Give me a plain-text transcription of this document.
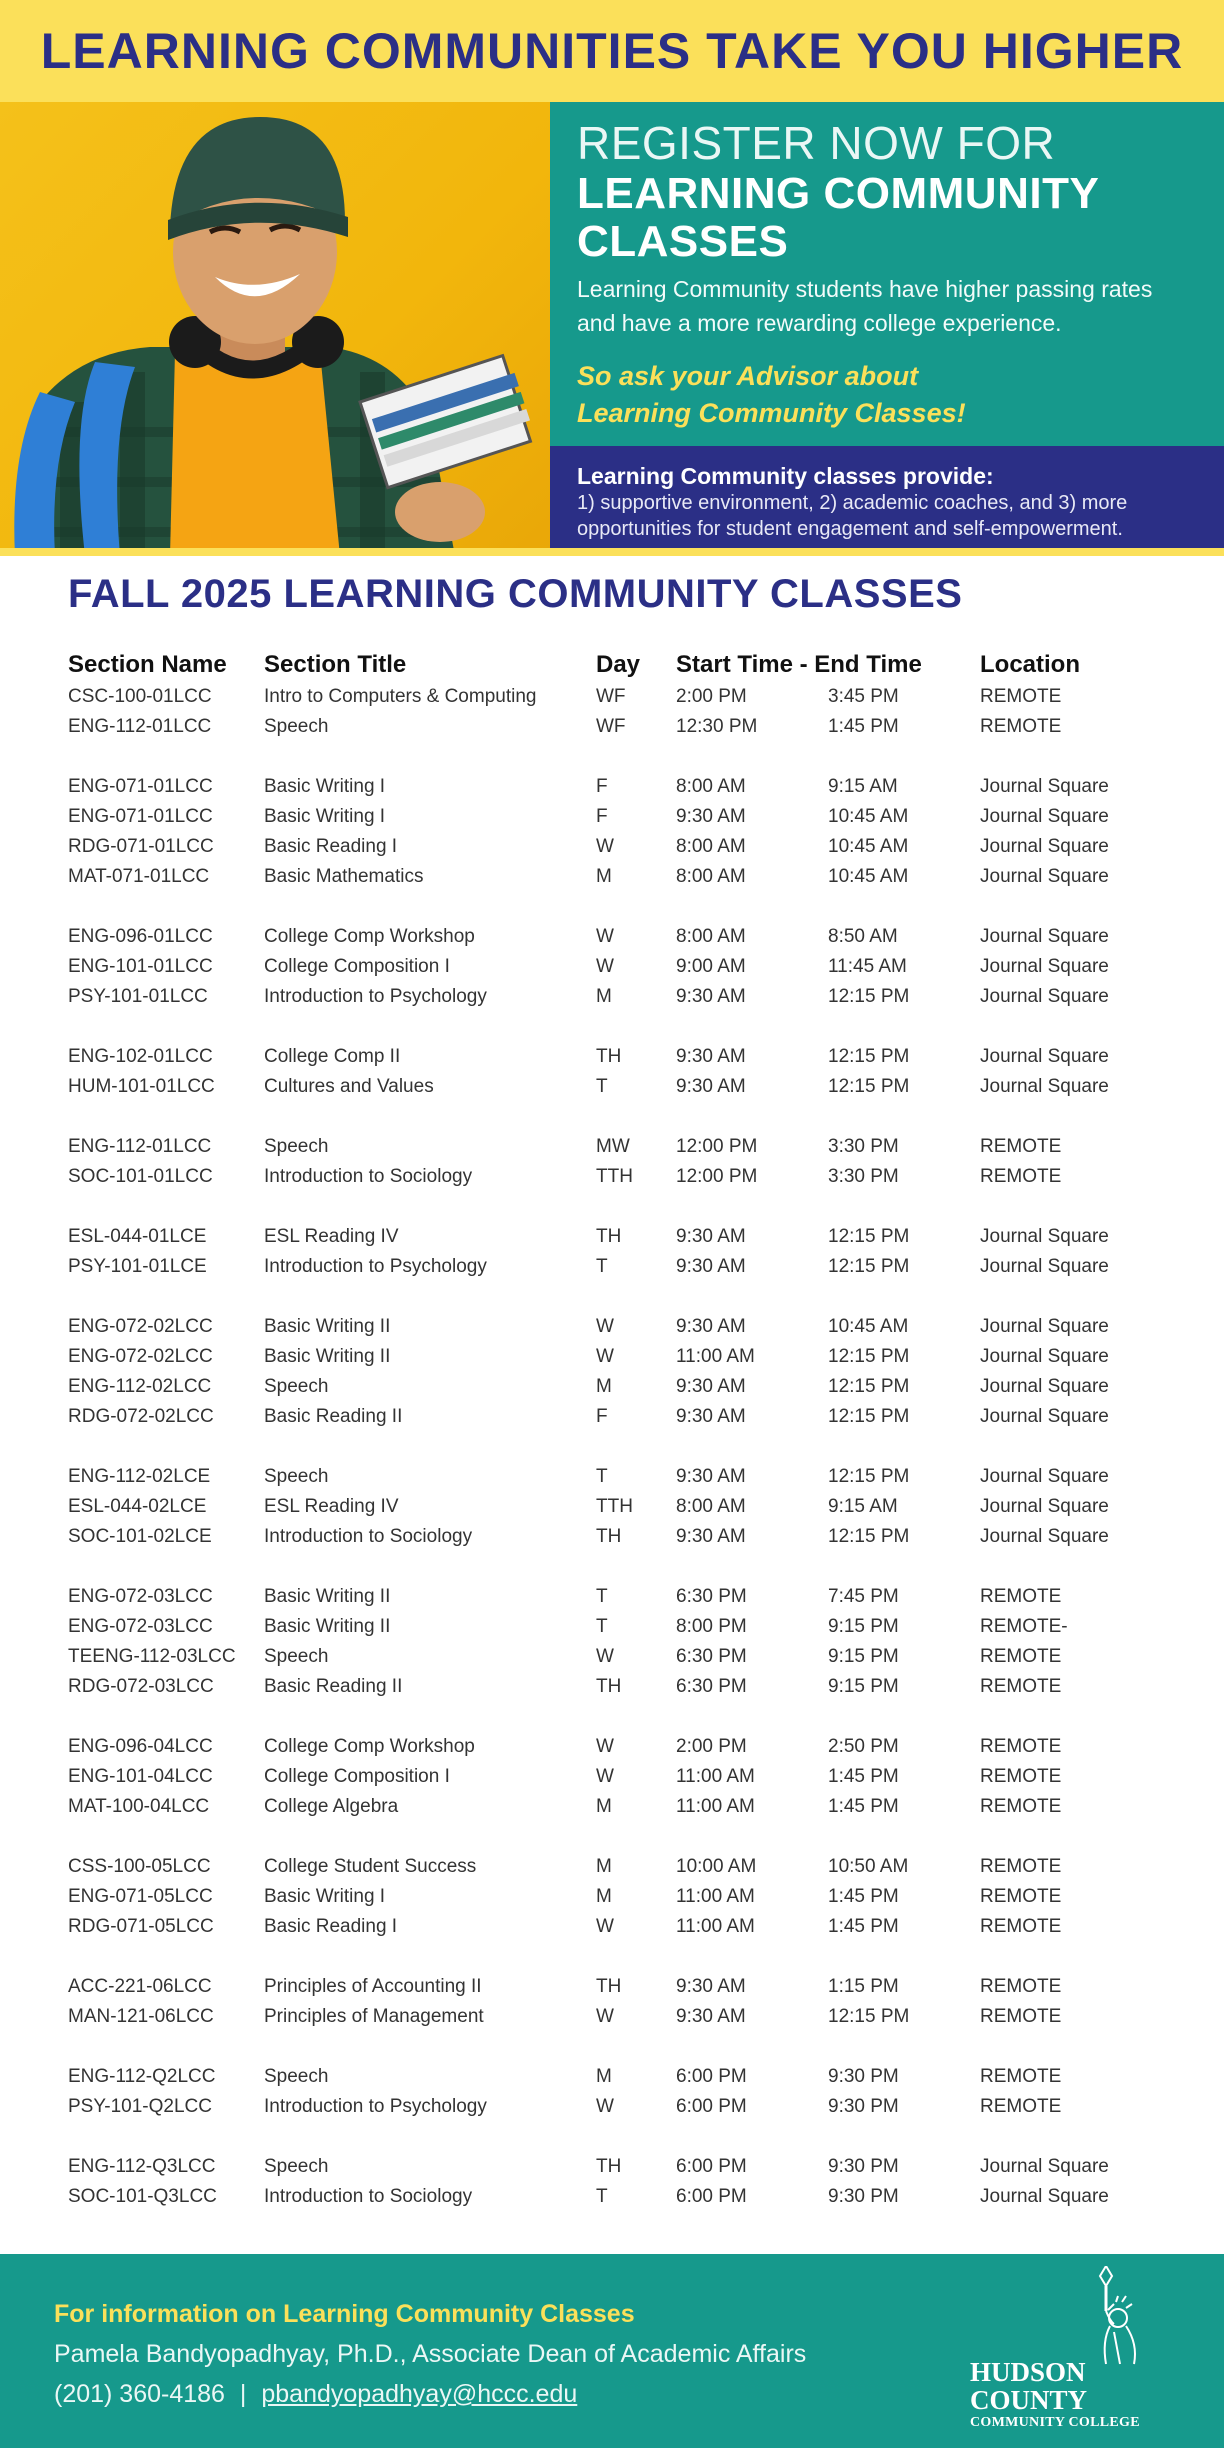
LEARNING COMMUNITIES TAKE YOU HIGHER

REGISTER NOW FOR

LEARNING COMMUNITY

CLASSES

Learning Community students have higher passing rates and have a more rewarding college experience.
So ask your Advisor about
Learning Community Classes!
Learning Community classes provide:
1) supportive environment, 2) academic coaches, and 3) more opportunities for student engagement and self-empowerment.
FALL 2025 LEARNING COMMUNITY CLASSES
Section Name	Section Title	Day	Start Time - End Time	Location
CSC-100-01LCC	Intro to Computers & Computing	WF	2:00 PM	3:45 PM	REMOTE
ENG-112-01LCC	Speech	WF	12:30 PM	1:45 PM	REMOTE
ENG-071-01LCC	Basic Writing I	F	8:00 AM	9:15 AM	Journal Square
ENG-071-01LCC	Basic Writing I	F	9:30 AM	10:45 AM	Journal Square
RDG-071-01LCC	Basic Reading I	W	8:00 AM	10:45 AM	Journal Square
MAT-071-01LCC	Basic Mathematics	M	8:00 AM	10:45 AM	Journal Square
ENG-096-01LCC	College Comp Workshop	W	8:00 AM	8:50 AM	Journal Square
ENG-101-01LCC	College Composition I	W	9:00 AM	11:45 AM	Journal Square
PSY-101-01LCC	Introduction to Psychology	M	9:30 AM	12:15 PM	Journal Square
ENG-102-01LCC	College Comp II	TH	9:30 AM	12:15 PM	Journal Square
HUM-101-01LCC	Cultures and Values	T	9:30 AM	12:15 PM	Journal Square
ENG-112-01LCC	Speech	MW	12:00 PM	3:30 PM	REMOTE
SOC-101-01LCC	Introduction to Sociology	TTH	12:00 PM	3:30 PM	REMOTE
ESL-044-01LCE	ESL Reading IV	TH	9:30 AM	12:15 PM	Journal Square
PSY-101-01LCE	Introduction to Psychology	T	9:30 AM	12:15 PM	Journal Square
ENG-072-02LCC	Basic Writing II	W	9:30 AM	10:45 AM	Journal Square
ENG-072-02LCC	Basic Writing II	W	11:00 AM	12:15 PM	Journal Square
ENG-112-02LCC	Speech	M	9:30 AM	12:15 PM	Journal Square
RDG-072-02LCC	Basic Reading II	F	9:30 AM	12:15 PM	Journal Square
ENG-112-02LCE	Speech	T	9:30 AM	12:15 PM	Journal Square
ESL-044-02LCE	ESL Reading IV	TTH	8:00 AM	9:15 AM	Journal Square
SOC-101-02LCE	Introduction to Sociology	TH	9:30 AM	12:15 PM	Journal Square
ENG-072-03LCC	Basic Writing II	T	6:30 PM	7:45 PM	REMOTE
ENG-072-03LCC	Basic Writing II	T	8:00 PM	9:15 PM	REMOTE-
TEENG-112-03LCC	Speech	W	6:30 PM	9:15 PM	REMOTE
RDG-072-03LCC	Basic Reading II	TH	6:30 PM	9:15 PM	REMOTE
ENG-096-04LCC	College Comp Workshop	W	2:00 PM	2:50 PM	REMOTE
ENG-101-04LCC	College Composition I	W	11:00 AM	1:45 PM	REMOTE
MAT-100-04LCC	College Algebra	M	11:00 AM	1:45 PM	REMOTE
CSS-100-05LCC	College Student Success	M	10:00 AM	10:50 AM	REMOTE
ENG-071-05LCC	Basic Writing I	M	11:00 AM	1:45 PM	REMOTE
RDG-071-05LCC	Basic Reading I	W	11:00 AM	1:45 PM	REMOTE
ACC-221-06LCC	Principles of Accounting II	TH	9:30 AM	1:15 PM	REMOTE
MAN-121-06LCC	Principles of Management	W	9:30 AM	12:15 PM	REMOTE
ENG-112-Q2LCC	Speech	M	6:00 PM	9:30 PM	REMOTE
PSY-101-Q2LCC	Introduction to Psychology	W	6:00 PM	9:30 PM	REMOTE
ENG-112-Q3LCC	Speech	TH	6:00 PM	9:30 PM	Journal Square
SOC-101-Q3LCC	Introduction to Sociology	T	6:00 PM	9:30 PM	Journal Square
For information on Learning Community Classes
Pamela Bandyopadhyay, Ph.D., Associate Dean of Academic Affairs
(201) 360-4186 | pbandyopadhyay@hccc.edu
HUDSON
COUNTY
COMMUNITY COLLEGE
